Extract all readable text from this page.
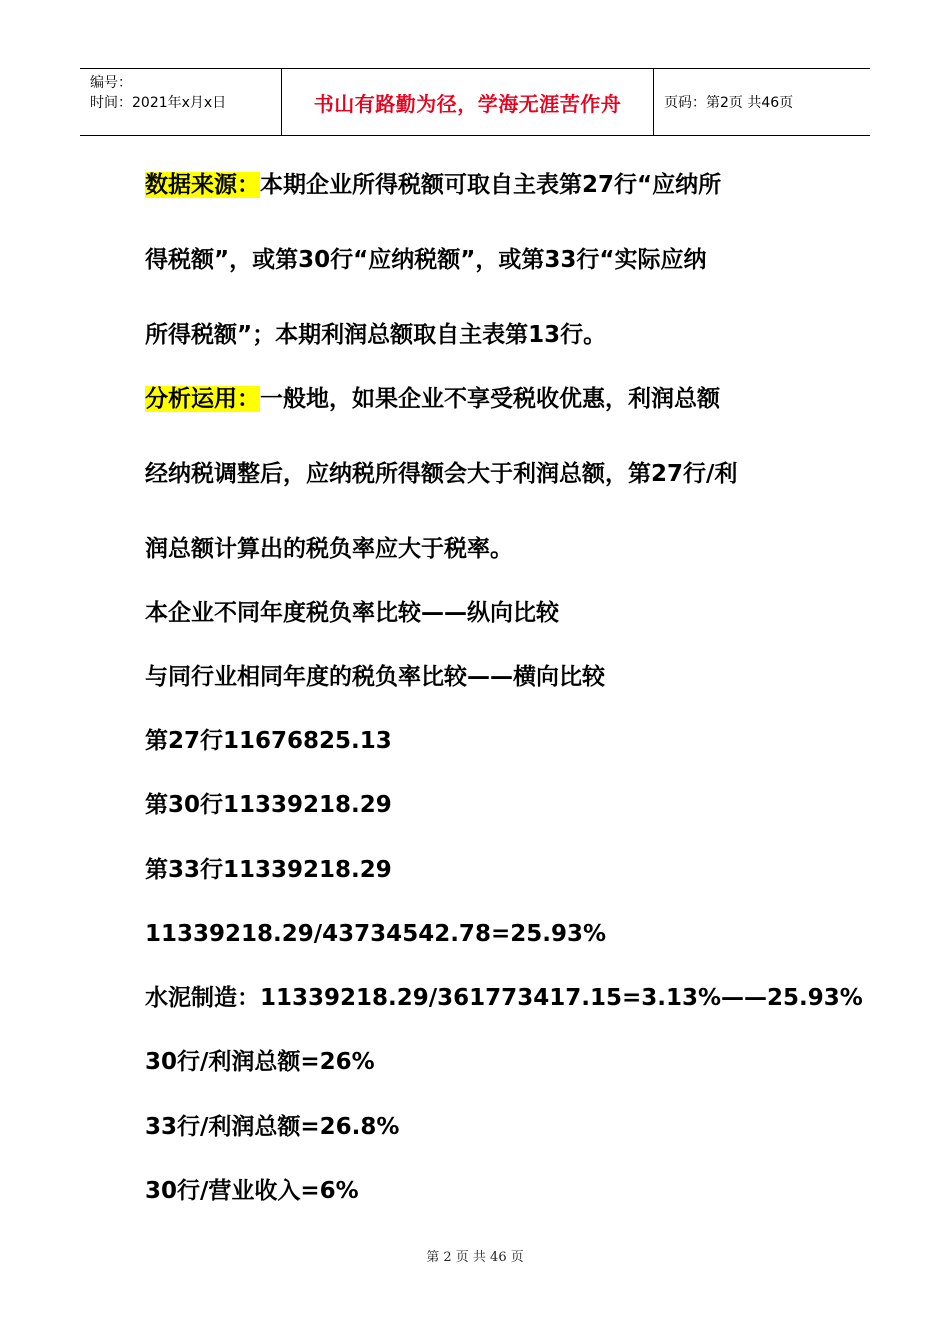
编号：
时间：2021年x月x日	书山有路勤为径，学海无涯苦作舟	页码：第2页 共46页
数据来源：本期企业所得税额可取自主表第27行“应纳所
得税额”，或第30行“应纳税额”，或第33行“实际应纳
所得税额”；本期利润总额取自主表第13行。
分析运用：一般地，如果企业不享受税收优惠，利润总额
经纳税调整后，应纳税所得额会大于利润总额，第27行/利
润总额计算出的税负率应大于税率。
本企业不同年度税负率比较——纵向比较
与同行业相同年度的税负率比较——横向比较
第27行11676825.13
第30行11339218.29
第33行11339218.29
11339218.29/43734542.78=25.93%
水泥制造：11339218.29/361773417.15=3.13%——25.93%
30行/利润总额=26%
33行/利润总额=26.8%
30行/营业收入=6%
第 2 页 共 46 页
